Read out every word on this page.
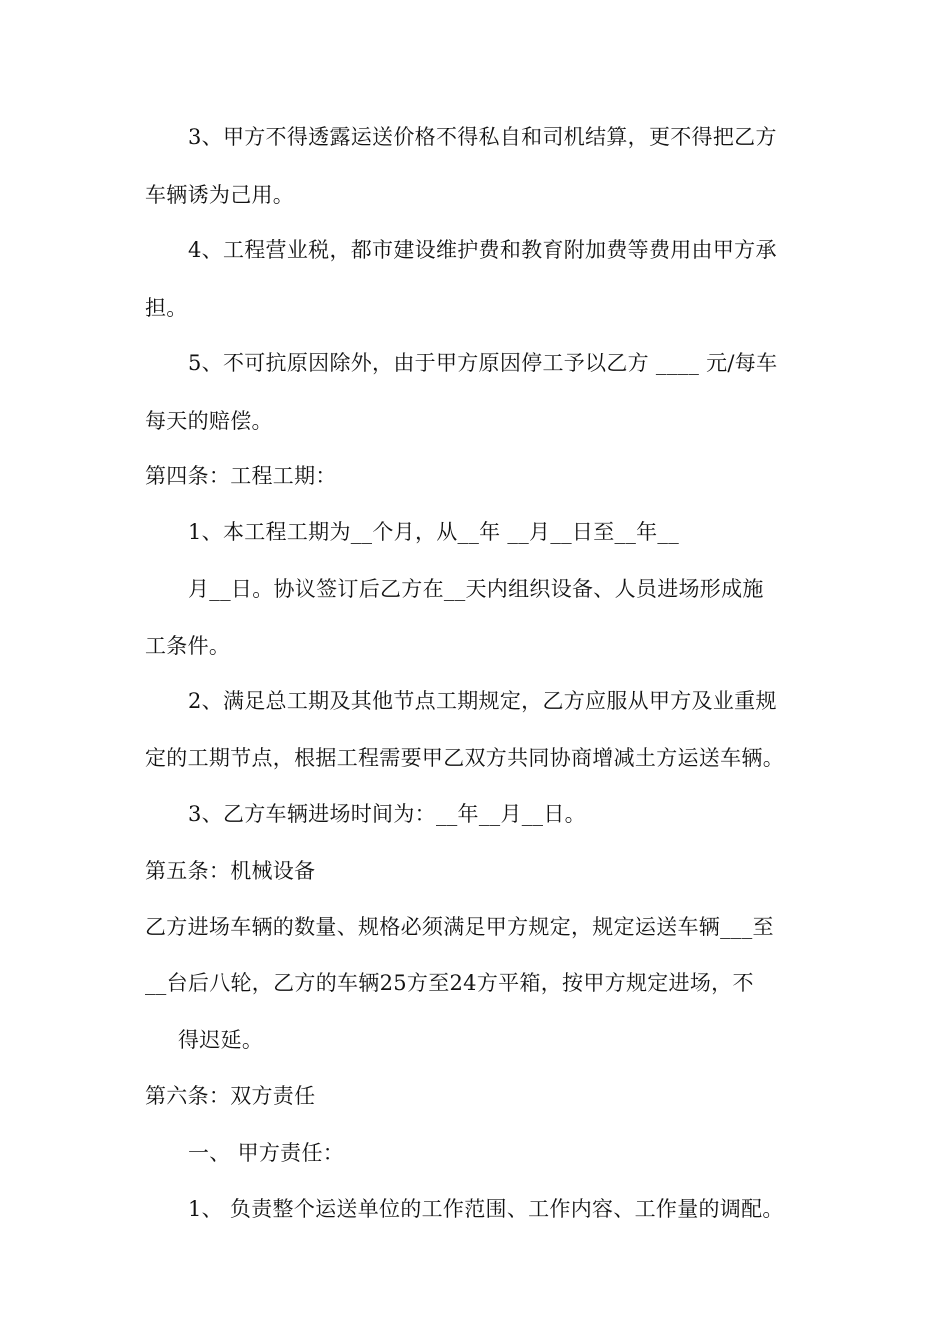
3、甲方不得透露运送价格不得私自和司机结算，更不得把乙方
车辆诱为己用。
4、工程营业税，都市建设维护费和教育附加费等费用由甲方承
担。
5、不可抗原因除外，由于甲方原因停工予以乙方 ____ 元/每车
每天的赔偿。
第四条：工程工期：
1、本工程工期为__个月，从__年 __月__日至__年__
月__日。协议签订后乙方在__天内组织设备、人员进场形成施
工条件。
2、满足总工期及其他节点工期规定，乙方应服从甲方及业重规
定的工期节点，根据工程需要甲乙双方共同协商增减土方运送车辆。
3、乙方车辆进场时间为：__年__月__日。
第五条：机械设备
乙方进场车辆的数量、规格必须满足甲方规定，规定运送车辆___至
__台后八轮，乙方的车辆25方至24方平箱，按甲方规定进场，不
得迟延。
第六条：双方责任
一、 甲方责任：
1、 负责整个运送单位的工作范围、工作内容、工作量的调配。
